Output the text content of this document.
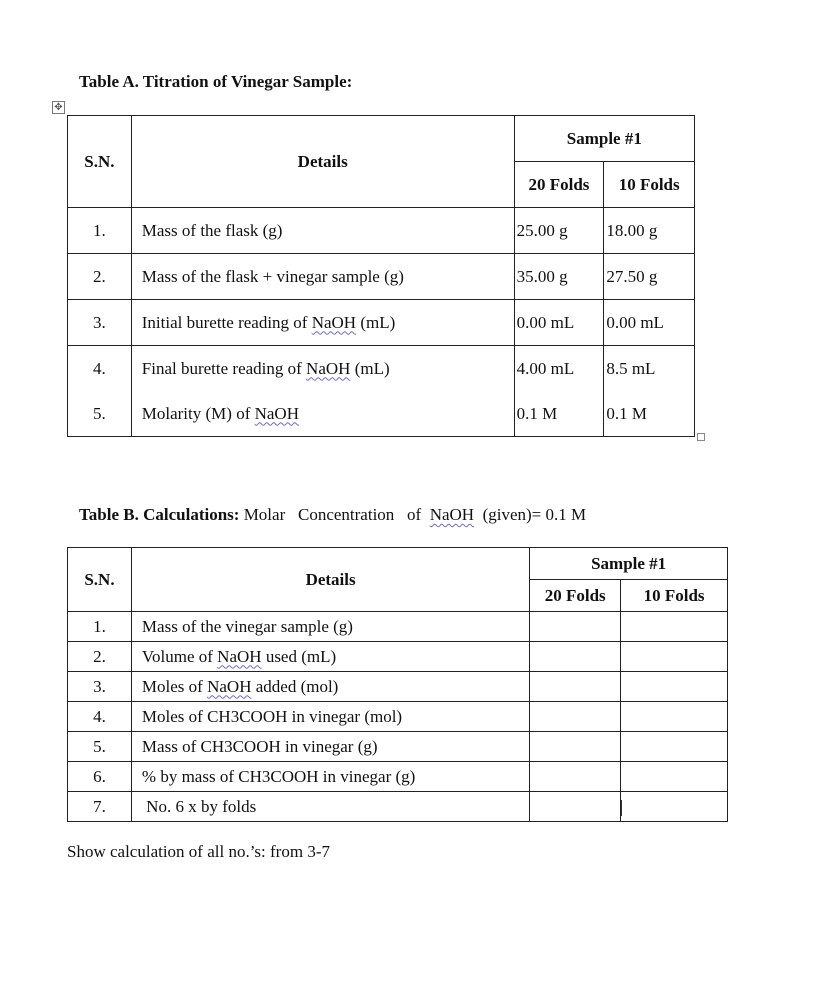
Table A. Titration of Vinegar Sample:
✥
S.N.	Details	Sample #1	
		20 Folds	10 Folds
1.	Mass of the flask (g)	25.00 g	18.00 g
2.	Mass of the flask + vinegar sample (g)	35.00 g	27.50 g
3.	Initial burette reading of NaOH (mL)	0.00 mL	0.00 mL
4.	Final burette reading of NaOH (mL)	4.00 mL	8.5 mL
5.	Molarity (M) of NaOH	0.1 M	0.1 M
Table B. Calculations: Molar   Concentration   of  NaOH  (given)= 0.1 M
S.N.	Details	Sample #1	
		20 Folds	10 Folds
1.	Mass of the vinegar sample (g)		
2.	Volume of NaOH used (mL)		
3.	Moles of NaOH added (mol)		
4.	Moles of CH3COOH in vinegar (mol)		
5.	Mass of CH3COOH in vinegar (g)		
6.	% by mass of CH3COOH in vinegar (g)		
7.	No. 6 x by folds		
Show calculation of all no.’s: from 3-7
